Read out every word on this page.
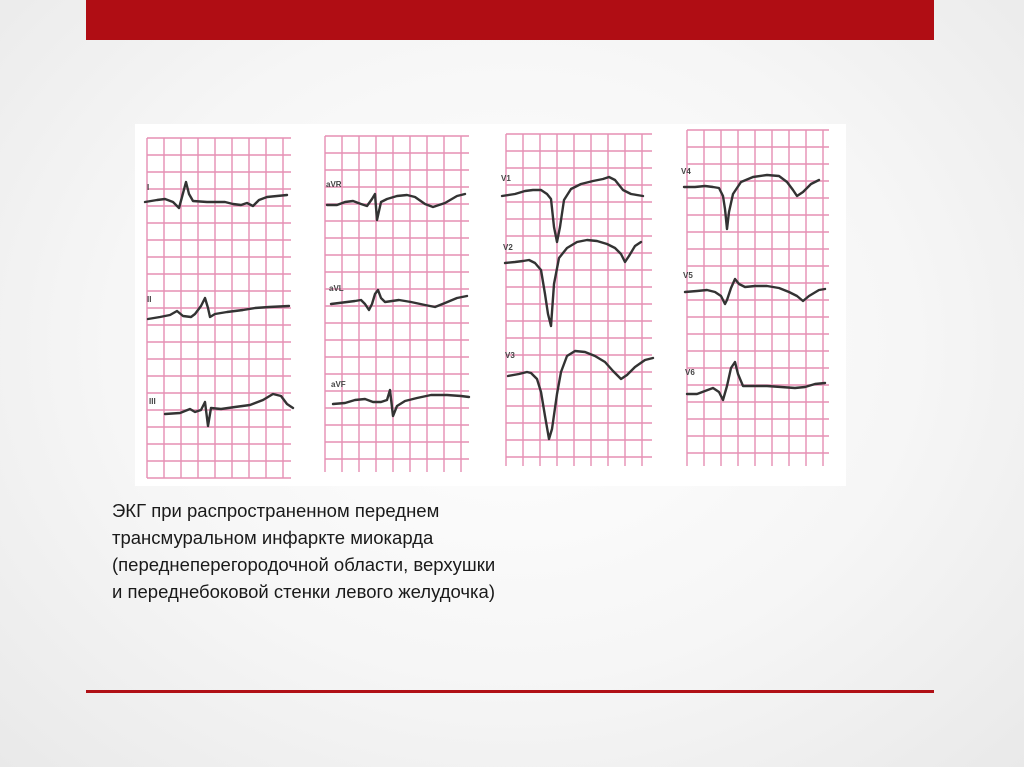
I
II
III
aVR
aVL
aVF
V1
V2
V3
V4
V5
V6

ЭКГ при распространенном переднем
трансмуральном инфаркте миокарда
(переднеперегородочной области, верхушки
и переднебоковой стенки левого желудочка)
